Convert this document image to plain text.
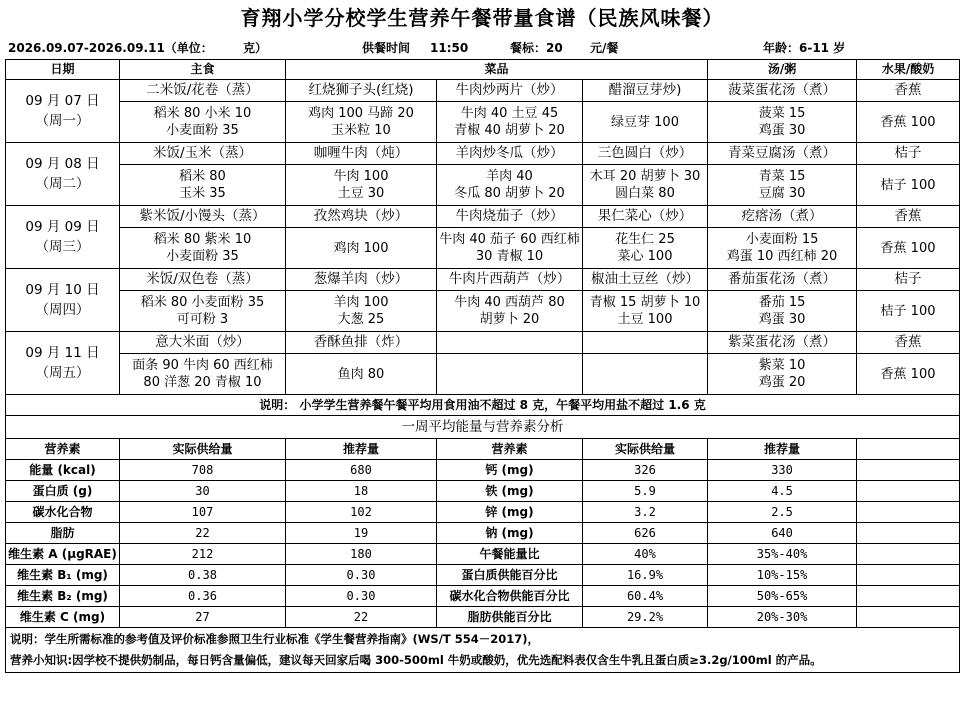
育翔小学分校学生营养午餐带量食谱（民族风味餐）
2026.09.07-2026.09.11（单位：	克）	供餐时间 11:50	餐标：20 元/餐	年龄：6-11 岁
日期	主食	菜品			汤/粥	水果/酸奶

09 月 07 日
（周一）	二米饭/花卷（蒸）	红烧狮子头(红烧)	牛肉炒两片（炒）	醋溜豆芽炒)	菠菜蛋花汤（煮）	香蕉

	稻米 80 小米 10
小麦面粉 35	鸡肉 100 马蹄 20
玉米粒 10	牛肉 40 土豆 45
青椒 40 胡萝卜 20	绿豆芽 100	菠菜 15
鸡蛋 30	香蕉 100

09 月 08 日
（周二）	米饭/玉米（蒸）	咖喱牛肉（炖）	羊肉炒冬瓜（炒）	三色圆白（炒）	青菜豆腐汤（煮）	桔子

	稻米 80
玉米 35	牛肉 100
土豆 30	羊肉 40
冬瓜 80 胡萝卜 20	木耳 20 胡萝卜 30
圆白菜 80	青菜 15
豆腐 30	桔子 100

09 月 09 日
（周三）	紫米饭/小馒头（蒸）	孜然鸡块（炒）	牛肉烧茄子（炒）	果仁菜心（炒）	疙瘩汤（煮）	香蕉

	稻米 80 紫米 10
小麦面粉 35	鸡肉 100	牛肉 40 茄子 60 西红柿
30 青椒 10	花生仁 25
菜心 100	小麦面粉 15
鸡蛋 10 西红柿 20	香蕉 100

09 月 10 日
（周四）	米饭/双色卷（蒸）	葱爆羊肉（炒）	牛肉片西葫芦（炒）	椒油土豆丝（炒）	番茄蛋花汤（煮）	桔子

	稻米 80 小麦面粉 35
可可粉 3	羊肉 100
大葱 25	牛肉 40 西葫芦 80
胡萝卜 20	青椒 15 胡萝卜 10
土豆 100	番茄 15
鸡蛋 30	桔子 100

09 月 11 日
（周五）	意大米面（炒）	香酥鱼排（炸）			紫菜蛋花汤（煮）	香蕉

	面条 90 牛肉 60 西红柿
80 洋葱 20 青椒 10	鱼肉 80			紫菜 10
鸡蛋 20	香蕉 100

说明： 小学学生营养餐午餐平均用食用油不超过 8 克，午餐平均用盐不超过 1.6 克						
一周平均能量与营养素分析						
营养素	实际供给量	推荐量	营养素	实际供给量	推荐量	
能量 (kcal)	708	680	钙 (mg)	326	330	
蛋白质 (g)	30	18	铁 (mg)	5.9	4.5	
碳水化合物	107	102	锌 (mg)	3.2	2.5	
脂肪	22	19	钠 (mg)	626	640	
维生素 A (μgRAE)	212	180	午餐能量比	40%	35%-40%	
维生素 B₁ (mg)	0.38	0.30	蛋白质供能百分比	16.9%	10%-15%	
维生素 B₂ (mg)	0.36	0.30	碳水化合物供能百分比	60.4%	50%-65%	
维生素 C (mg)	27	22	脂肪供能百分比	29.2%	20%-30%	

说明：学生所需标准的参考值及评价标准参照卫生行业标准《学生餐营养指南》(WS/T 554－2017)，
营养小知识:因学校不提供奶制品，每日钙含量偏低，建议每天回家后喝 300-500ml 牛奶或酸奶，优先选配料表仅含生牛乳且蛋白质≥3.2g/100ml 的产品。						
